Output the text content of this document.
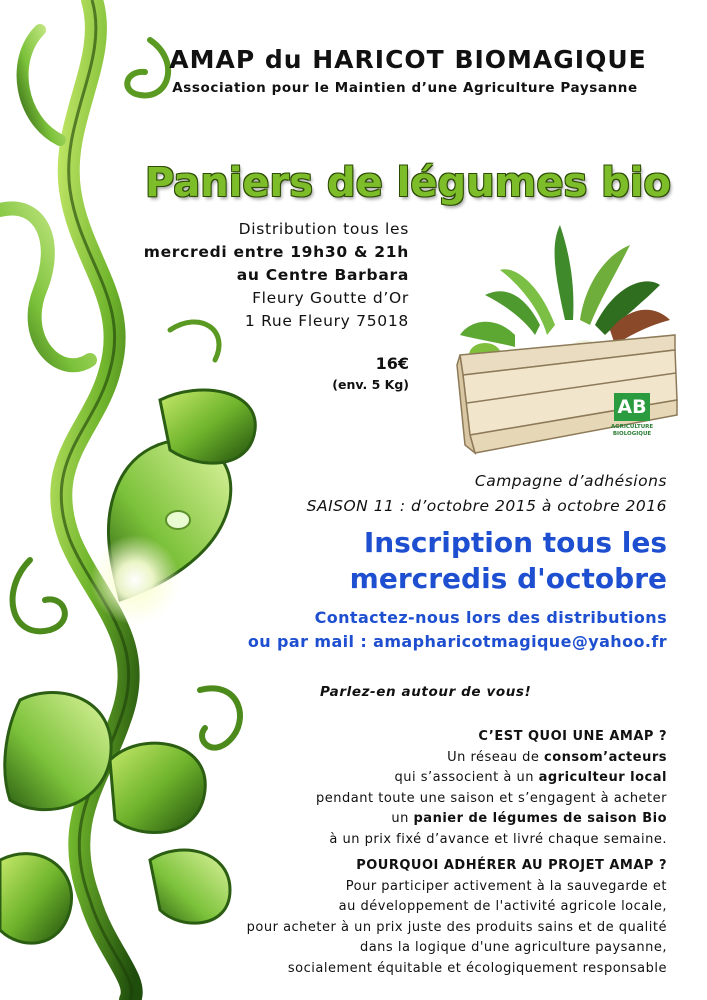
AMAP du HARICOT BIOMAGIQUE
Association pour le Maintien d’une Agriculture Paysanne
Paniers de légumes bio
Distribution tous les
mercredi entre 19h30 & 21h
au Centre Barbara
Fleury Goutte d’Or
1 Rue Fleury 75018
16€
(env. 5 Kg)
AB
AGRICULTURE
BIOLOGIQUE
Campagne d’adhésions
SAISON 11 : d’octobre 2015 à octobre 2016
Inscription tous les
mercredis d'octobre
Contactez-nous lors des distributions
ou par mail : amapharicotmagique@yahoo.fr
Parlez-en autour de vous!
C’EST QUOI UNE AMAP ?
Un réseau de consom’acteurs
qui s’associent à un agriculteur local
pendant toute une saison et s’engagent à acheter
un panier de légumes de saison Bio
à un prix fixé d’avance et livré chaque semaine.
POURQUOI ADHÉRER AU PROJET AMAP ?
Pour participer activement à la sauvegarde et
au développement de l'activité agricole locale,
pour acheter à un prix juste des produits sains et de qualité
dans la logique d'une agriculture paysanne,
socialement équitable et écologiquement responsable
